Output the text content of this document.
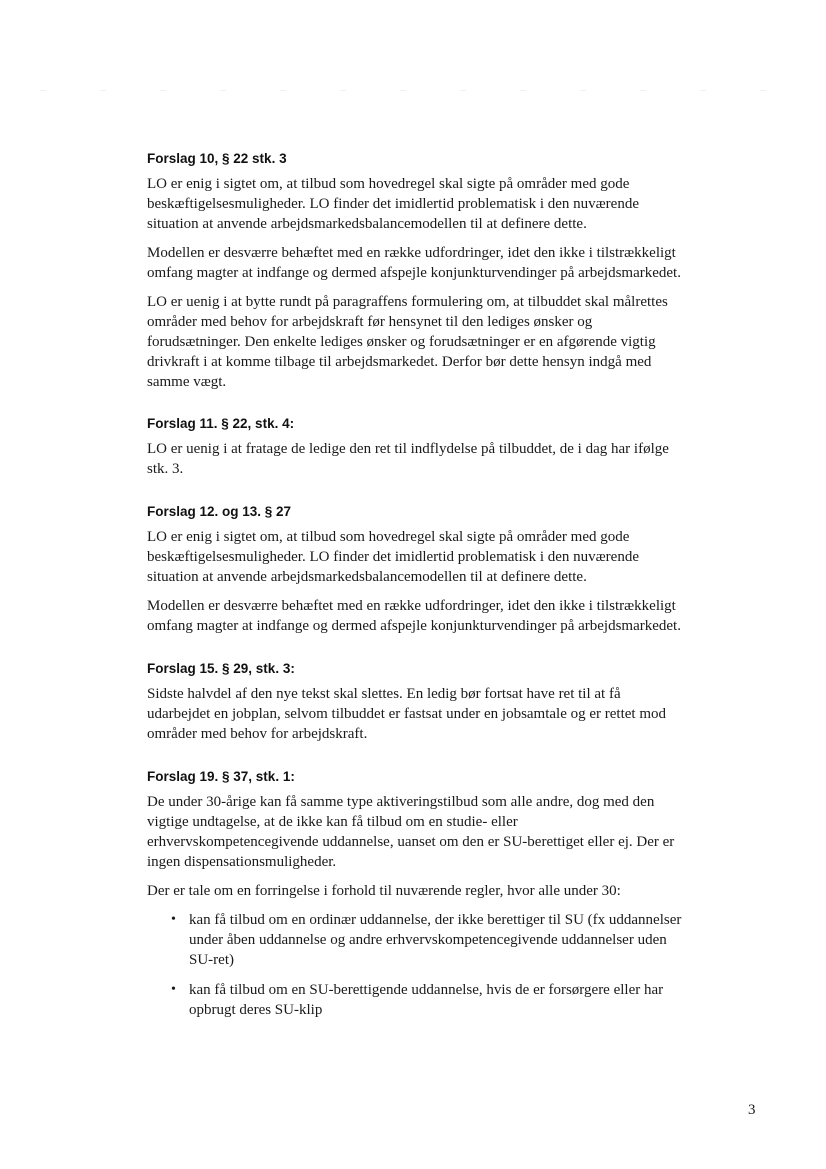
Forslag 10, § 22 stk. 3

LO er enig i sigtet om, at tilbud som hovedregel skal sigte på områder med gode beskæftigelsesmuligheder. LO finder det imidlertid problematisk i den nuværende situation at anvende arbejdsmarkedsbalancemodellen til at definere dette.

Modellen er desværre behæftet med en række udfordringer, idet den ikke i tilstrækkeligt omfang magter at indfange og dermed afspejle konjunkturvendinger på arbejdsmarkedet.

LO er uenig i at bytte rundt på paragraffens formulering om, at tilbuddet skal målrettes områder med behov for arbejdskraft før hensynet til den lediges ønsker og forudsætninger. Den enkelte lediges ønsker og forudsætninger er en afgørende vigtig drivkraft i at komme tilbage til arbejdsmarkedet. Derfor bør dette hensyn indgå med samme vægt.

Forslag 11. § 22, stk. 4:

LO er uenig i at fratage de ledige den ret til indflydelse på tilbuddet, de i dag har ifølge stk. 3.

Forslag 12. og 13. § 27

LO er enig i sigtet om, at tilbud som hovedregel skal sigte på områder med gode beskæftigelsesmuligheder. LO finder det imidlertid problematisk i den nuværende situation at anvende arbejdsmarkedsbalancemodellen til at definere dette.

Modellen er desværre behæftet med en række udfordringer, idet den ikke i tilstrækkeligt omfang magter at indfange og dermed afspejle konjunkturvendinger på arbejdsmarkedet.

Forslag 15. § 29, stk. 3:

Sidste halvdel af den nye tekst skal slettes. En ledig bør fortsat have ret til at få udarbejdet en jobplan, selvom tilbuddet er fastsat under en jobsamtale og er rettet mod områder med behov for arbejdskraft.

Forslag 19. § 37, stk. 1:

De under 30-årige kan få samme type aktiveringstilbud som alle andre, dog med den vigtige undtagelse, at de ikke kan få tilbud om en studie- eller erhvervskompetencegivende uddannelse, uanset om den er SU-berettiget eller ej. Der er ingen dispensationsmuligheder.

Der er tale om en forringelse i forhold til nuværende regler, hvor alle under 30:

• kan få tilbud om en ordinær uddannelse, der ikke berettiger til SU (fx uddannelser under åben uddannelse og andre erhvervskompetencegivende uddannelser uden SU-ret)
• kan få tilbud om en SU-berettigende uddannelse, hvis de er forsørgere eller har opbrugt deres SU-klip
3
